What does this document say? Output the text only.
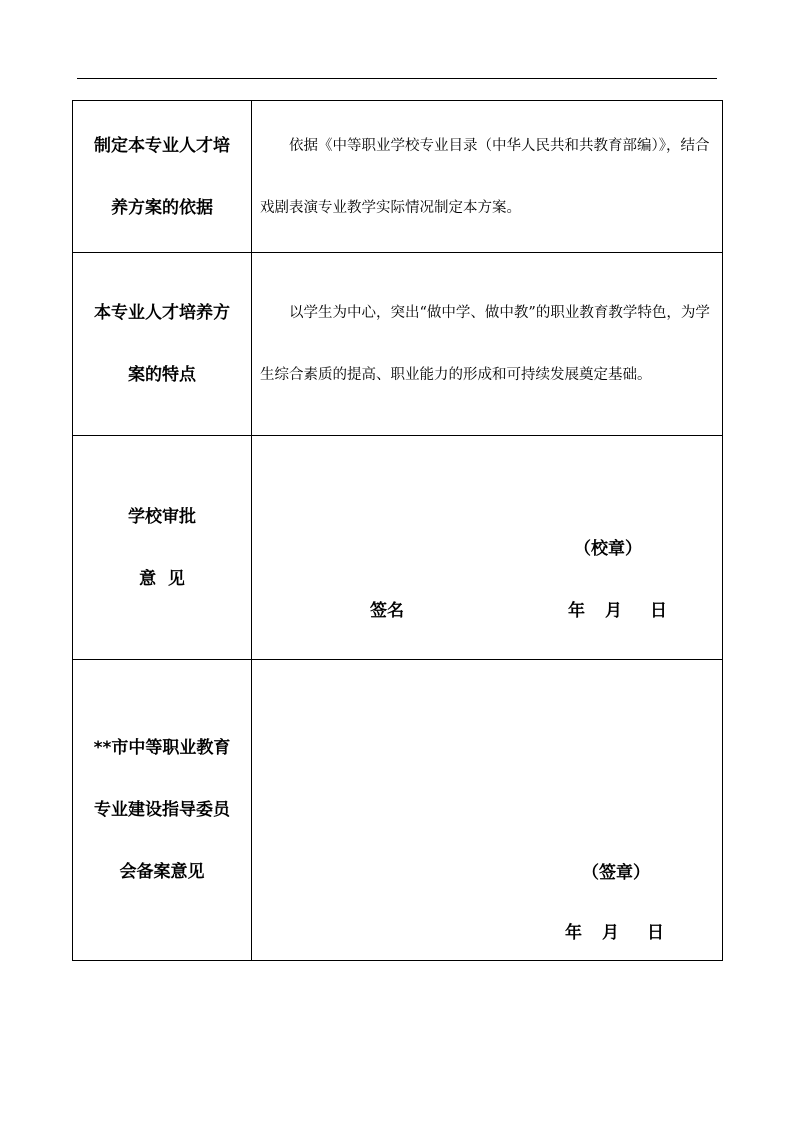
制定本专业人才培
养方案的依据	依据《中等职业学校专业目录（中华人民共和共教育部编）》，结合戏剧表演专业教学实际情况制定本方案。

本专业人才培养方
案的特点	以学生为中心，突出“做中学、做中教”的职业教育教学特色，为学生综合素质的提高、职业能力的形成和可持续发展奠定基础。

学校审批
意  见	（校章）
签名 年 月 日

**市中等职业教育
专业建设指导委员
会备案意见	（签章）
年 月 日
